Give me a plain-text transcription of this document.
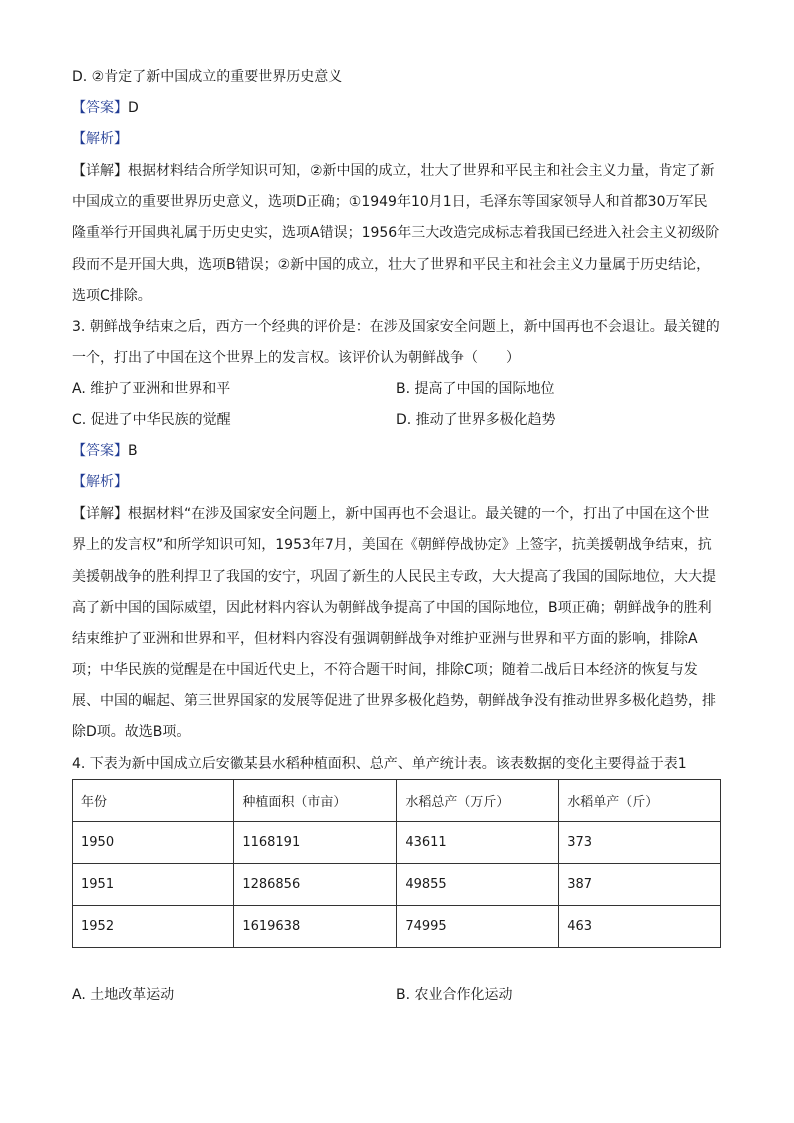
D. ②肯定了新中国成立的重要世界历史意义
【答案】D
【解析】
【详解】根据材料结合所学知识可知，②新中国的成立，壮大了世界和平民主和社会主义力量，肯定了新
中国成立的重要世界历史意义，选项D正确；①1949年10月1日，毛泽东等国家领导人和首都30万军民
隆重举行开国典礼属于历史史实，选项A错误；1956年三大改造完成标志着我国已经进入社会主义初级阶
段而不是开国大典，选项B错误；②新中国的成立，壮大了世界和平民主和社会主义力量属于历史结论，
选项C排除。
3. 朝鲜战争结束之后，西方一个经典的评价是：在涉及国家安全问题上，新中国再也不会退让。最关键的
一个，打出了中国在这个世界上的发言权。该评价认为朝鲜战争（　　）
A. 维护了亚洲和世界和平	B. 提高了中国的国际地位
C. 促进了中华民族的觉醒	D. 推动了世界多极化趋势
【答案】B
【解析】
【详解】根据材料“在涉及国家安全问题上，新中国再也不会退让。最关键的一个，打出了中国在这个世
界上的发言权”和所学知识可知，1953年7月，美国在《朝鲜停战协定》上签字，抗美援朝战争结束，抗
美援朝战争的胜利捍卫了我国的安宁，巩固了新生的人民民主专政，大大提高了我国的国际地位，大大提
高了新中国的国际威望，因此材料内容认为朝鲜战争提高了中国的国际地位，B项正确；朝鲜战争的胜利
结束维护了亚洲和世界和平，但材料内容没有强调朝鲜战争对维护亚洲与世界和平方面的影响，排除A
项；中华民族的觉醒是在中国近代史上，不符合题干时间，排除C项；随着二战后日本经济的恢复与发
展、中国的崛起、第三世界国家的发展等促进了世界多极化趋势，朝鲜战争没有推动世界多极化趋势，排
除D项。故选B项。
4. 下表为新中国成立后安徽某县水稻种植面积、总产、单产统计表。该表数据的变化主要得益于表1
年份	种植面积（市亩）	水稻总产（万斤）	水稻单产（斤）
1950	1168191	43611	373
1951	1286856	49855	387
1952	1619638	74995	463
A. 土地改革运动	B. 农业合作化运动
